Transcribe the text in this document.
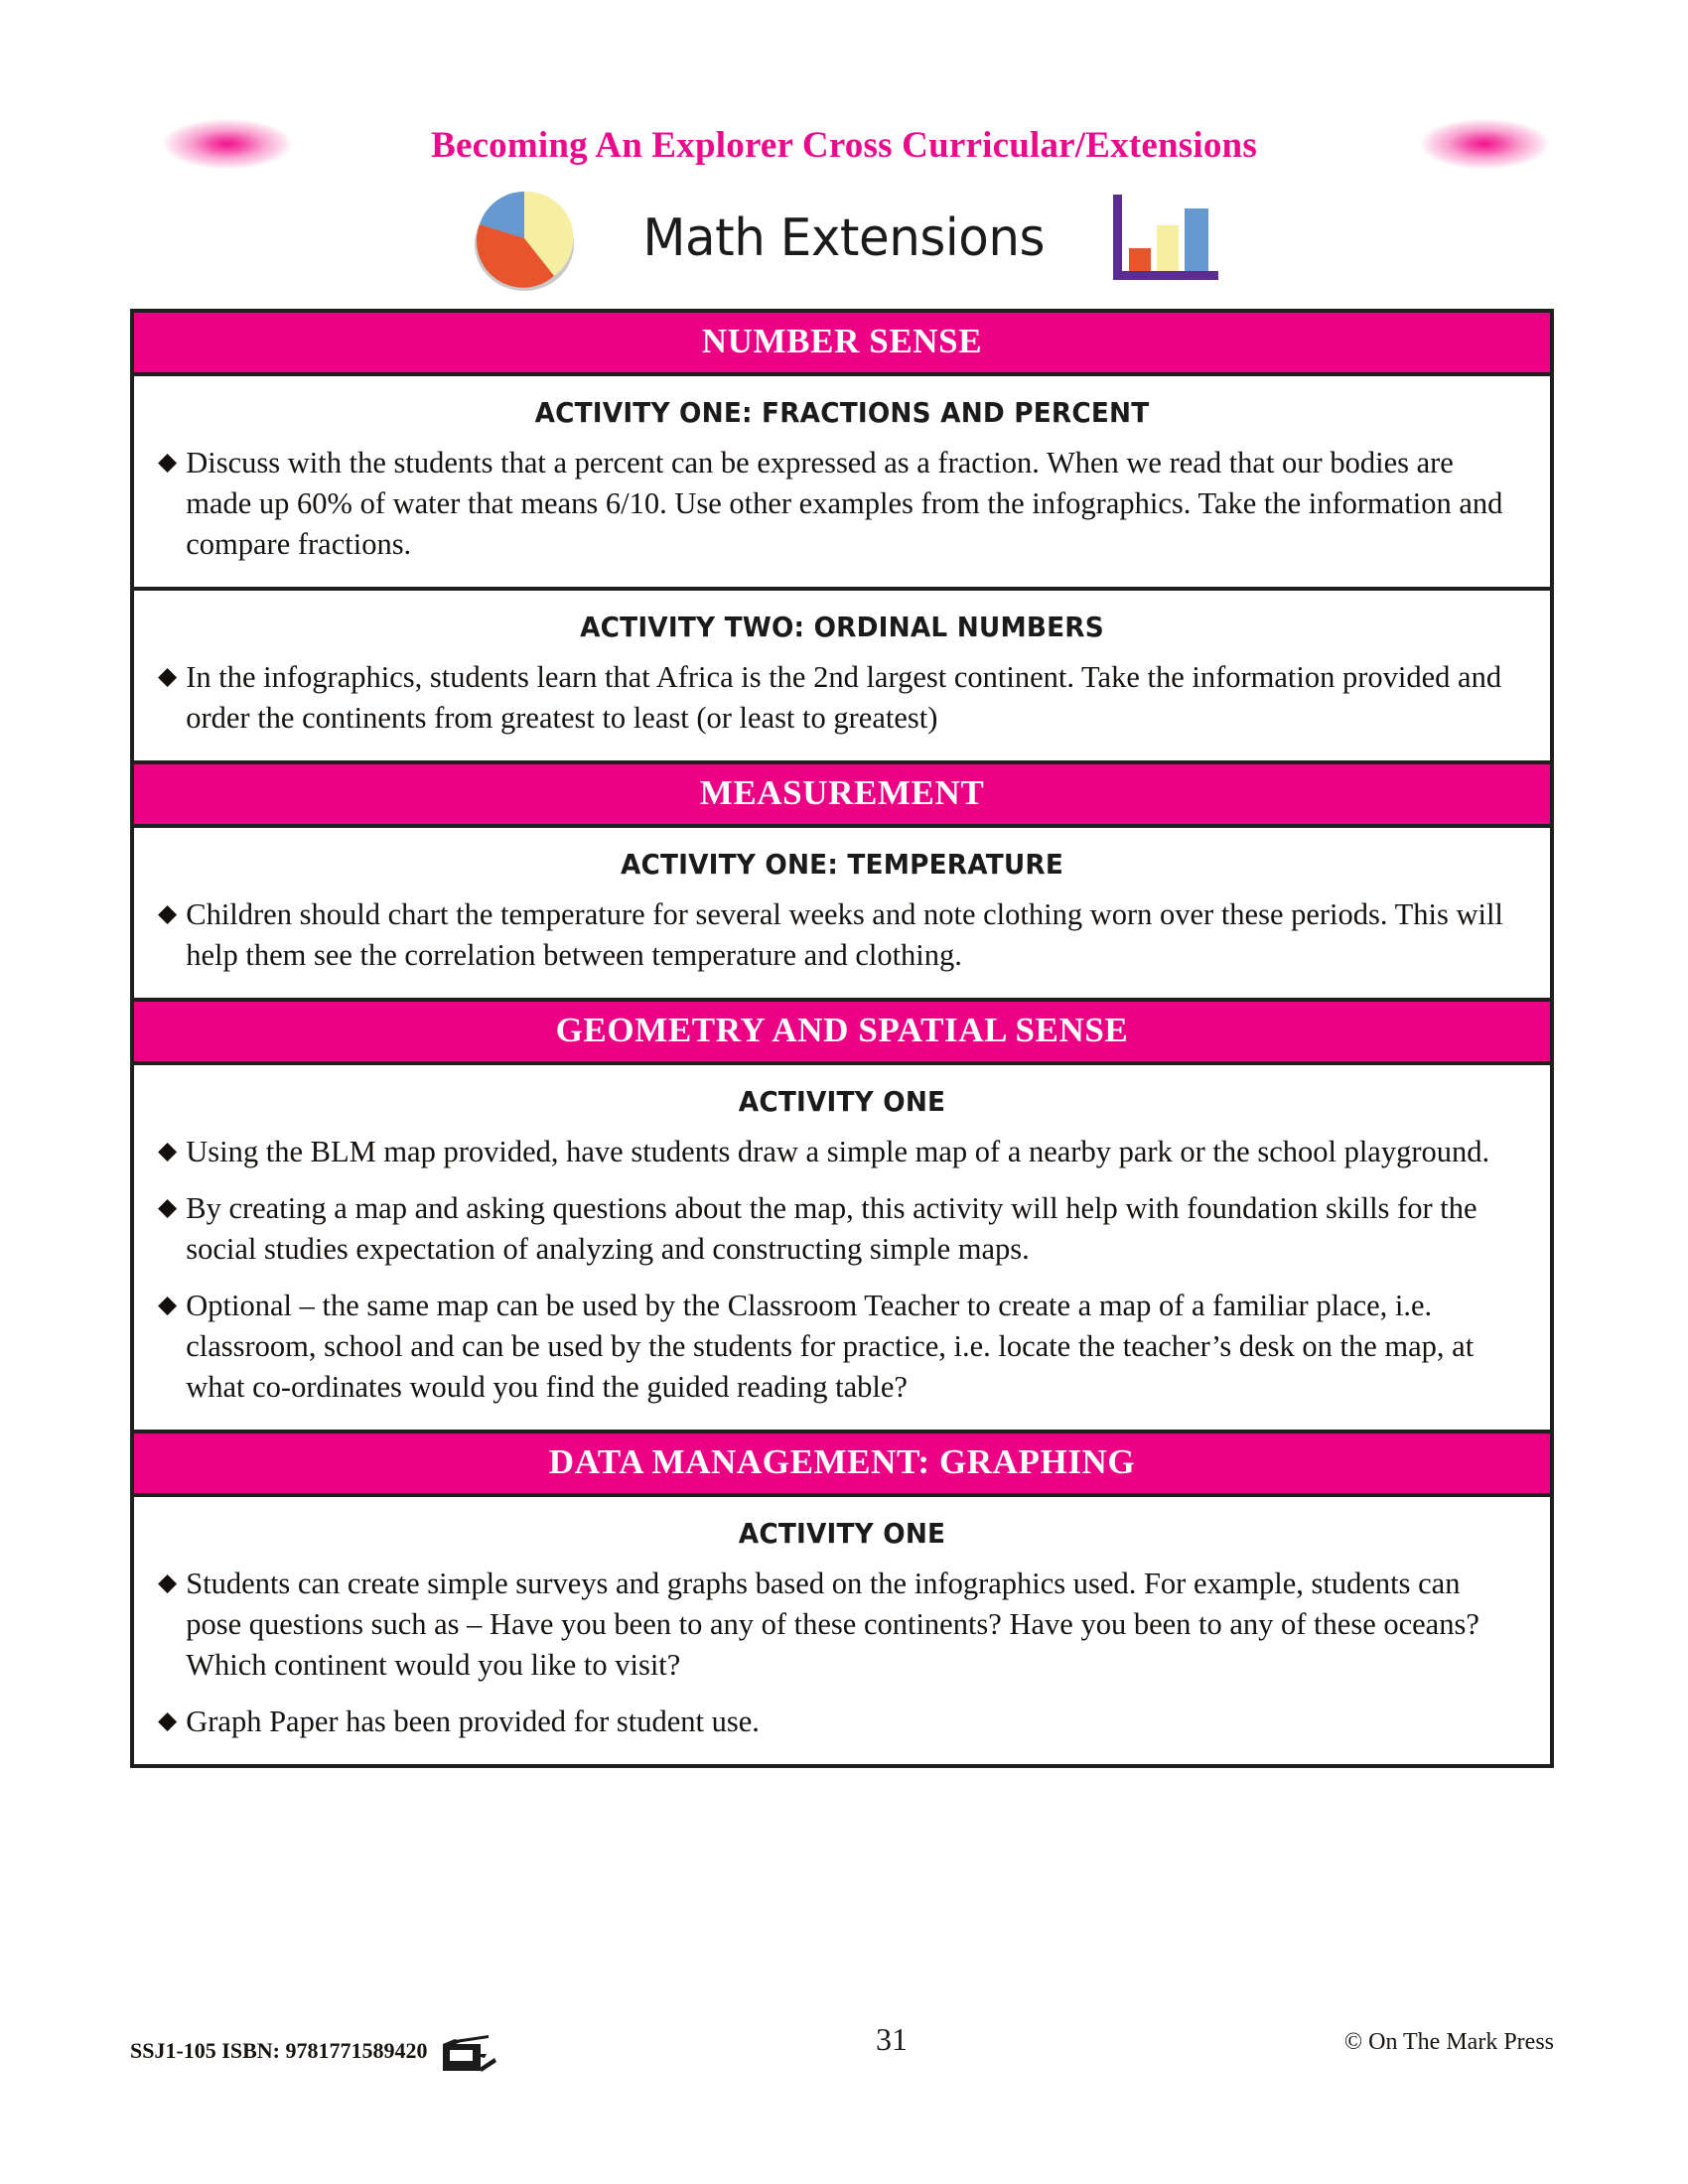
Becoming An Explorer Cross Curricular/Extensions
Math Extensions
NUMBER SENSE
ACTIVITY ONE: FRACTIONS AND PERCENT
◆ Discuss with the students that a percent can be expressed as a fraction. When we read that our bodies are made up 60% of water that means 6/10. Use other examples from the infographics. Take the information and compare fractions.
ACTIVITY TWO: ORDINAL NUMBERS
◆ In the infographics, students learn that Africa is the 2nd largest continent. Take the information provided and order the continents from greatest to least (or least to greatest)
MEASUREMENT
ACTIVITY ONE: TEMPERATURE
◆ Children should chart the temperature for several weeks and note clothing worn over these periods. This will help them see the correlation between temperature and clothing.
GEOMETRY AND SPATIAL SENSE
ACTIVITY ONE
◆ Using the BLM map provided, have students draw a simple map of a nearby park or the school playground.
◆ By creating a map and asking questions about the map, this activity will help with foundation skills for the social studies expectation of analyzing and constructing simple maps.
◆ Optional – the same map can be used by the Classroom Teacher to create a map of a familiar place, i.e. classroom, school and can be used by the students for practice, i.e. locate the teacher’s desk on the map, at what co-ordinates would you find the guided reading table?
DATA MANAGEMENT: GRAPHING
ACTIVITY ONE
◆ Students can create simple surveys and graphs based on the infographics used. For example, students can pose questions such as – Have you been to any of these continents? Have you been to any of these oceans? Which continent would you like to visit?
◆ Graph Paper has been provided for student use.
SSJ1-105 ISBN: 9781771589420	31	© On The Mark Press
